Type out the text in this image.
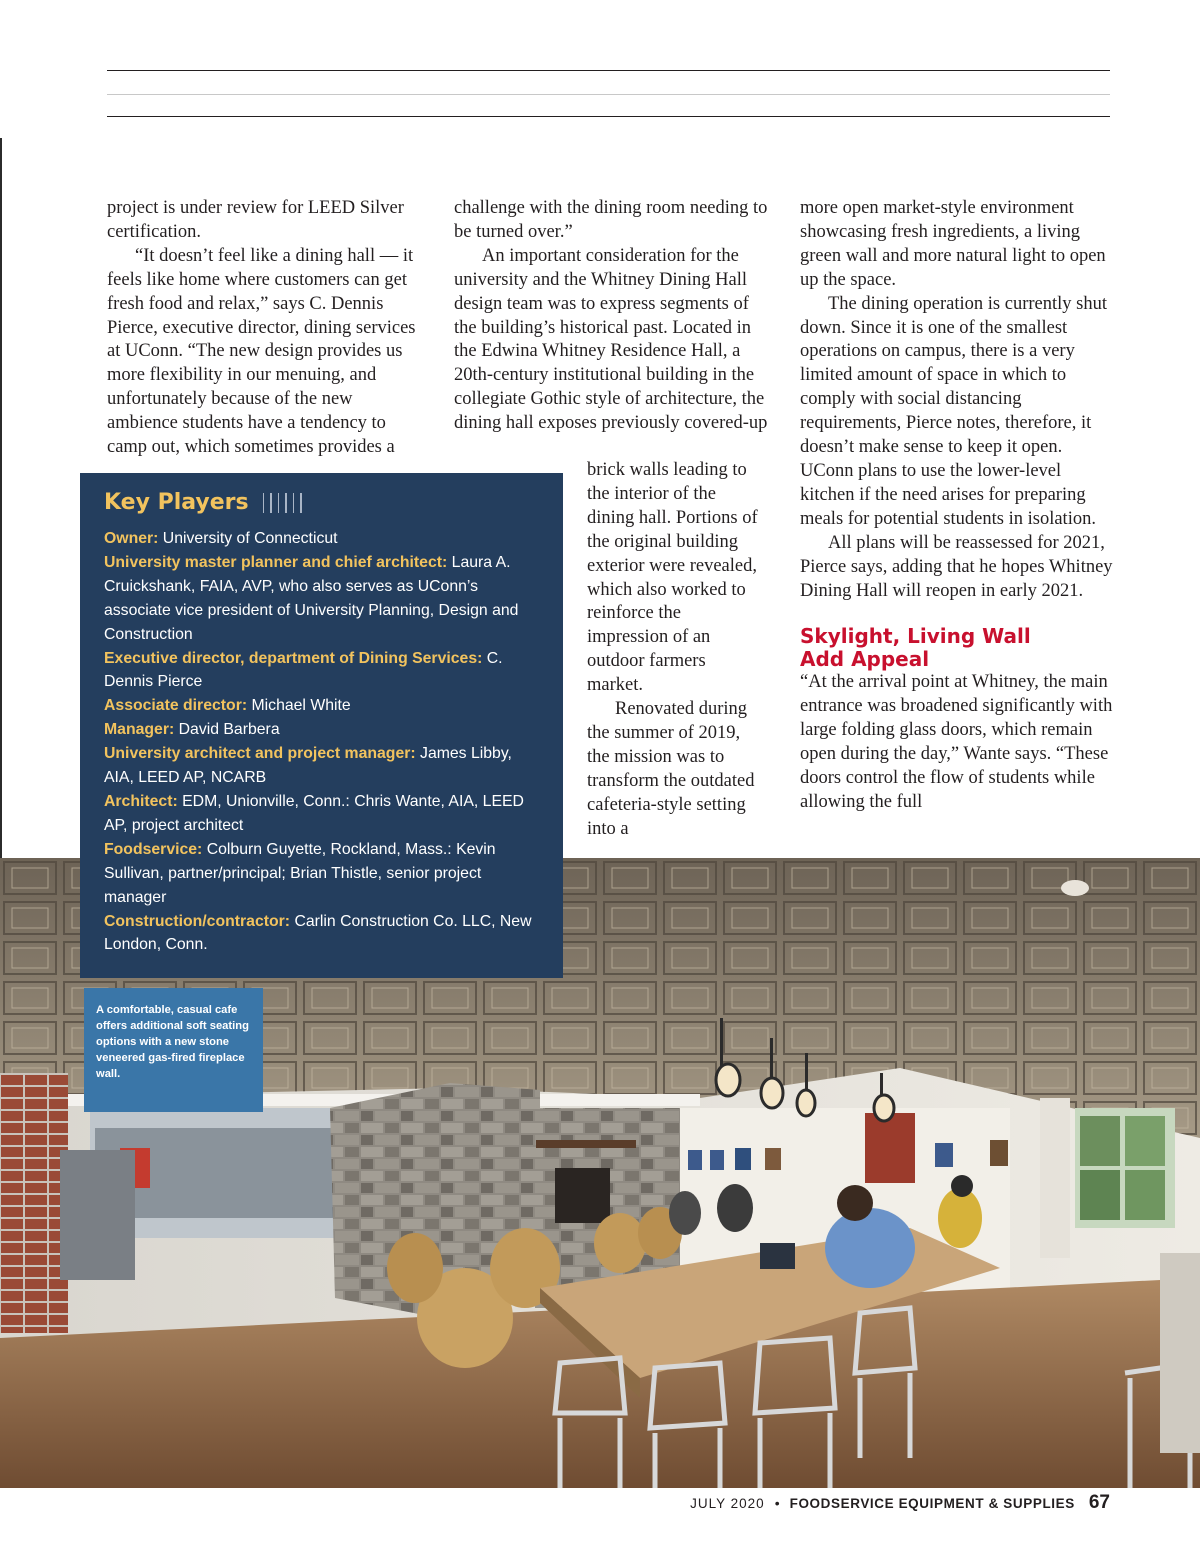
project is under review for LEED Silver certification.

“It doesn’t feel like a dining hall — it feels like home where customers can get fresh food and relax,” says C. Dennis Pierce, executive director, dining services at UConn. “The new design provides us more flexibility in our menuing, and unfortunately because of the new ambience students have a tendency to camp out, which sometimes provides a

challenge with the dining room needing to be turned over.”

An important consideration for the university and the Whitney Dining Hall design team was to express segments of the building’s historical past. Located in the Edwina Whitney Residence Hall, a 20th-century institutional building in the collegiate Gothic style of architecture, the dining hall exposes previously covered-up

brick walls leading to the interior of the dining hall. Portions of the original building exterior were revealed, which also worked to reinforce the impression of an outdoor farmers market.

Renovated during the summer of 2019, the mission was to transform the outdated cafeteria-style setting into a

more open market-style environment showcasing fresh ingredients, a living green wall and more natural light to open up the space.

The dining operation is currently shut down. Since it is one of the smallest operations on campus, there is a very limited amount of space in which to comply with social distancing requirements, Pierce notes, therefore, it doesn’t make sense to keep it open. UConn plans to use the lower-level kitchen if the need arises for preparing meals for potential students in isolation.

All plans will be reassessed for 2021, Pierce says, adding that he hopes Whitney Dining Hall will reopen in early 2021.

Skylight, Living Wall
Add Appeal

“At the arrival point at Whitney, the main entrance was broadened significantly with large folding glass doors, which remain open during the day,” Wante says. “These doors control the flow of students while allowing the full

Key Players
Owner: University of Connecticut
University master planner and chief architect: Laura A. Cruickshank, FAIA, AVP, who also serves as UConn’s associate vice president of University Planning, Design and Construction
Executive director, department of Dining Services: C. Dennis Pierce
Associate director: Michael White
Manager: David Barbera
University architect and project manager: James Libby, AIA, LEED AP, NCARB
Architect: EDM, Unionville, Conn.: Chris Wante, AIA, LEED AP, project architect
Foodservice: Colburn Guyette, Rockland, Mass.: Kevin Sullivan, partner/principal; Brian Thistle, senior project manager
Construction/contractor: Carlin Construction Co. LLC, New London, Conn.
A comfortable, casual cafe offers additional soft seating options with a new stone veneered gas-fired fireplace wall.
JULY 2020 • FOODSERVICE EQUIPMENT & SUPPLIES 67
